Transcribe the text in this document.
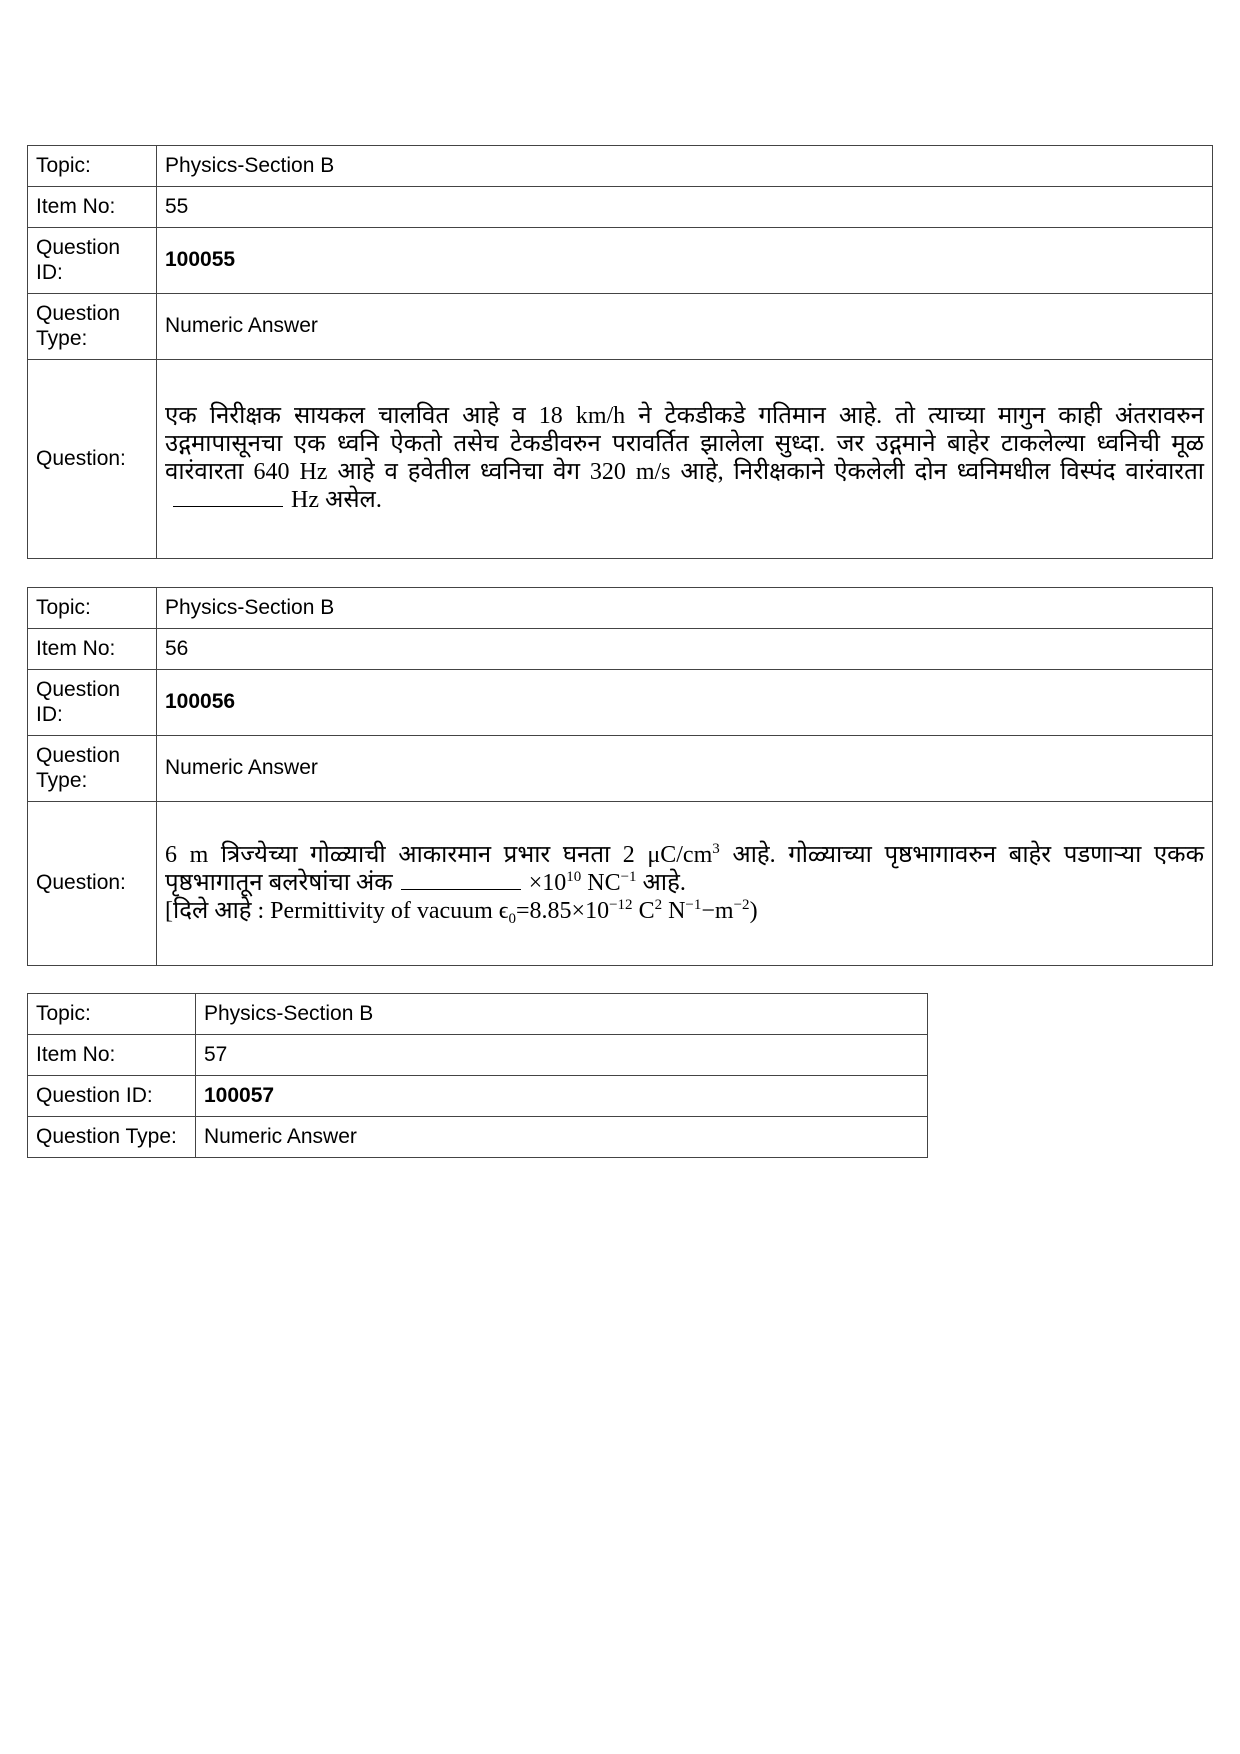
Topic:	Physics-Section B
Item No:	55
Question ID:	100055
Question Type:	Numeric Answer
Question:	एक निरीक्षक सायकल चालवित आहे व 18 km/h ने टेकडीकडे गतिमान आहे. तो त्याच्या मागुन काही अंतरावरुन उद्गमापासूनचा एक ध्वनि ऐकतो तसेच टेकडीवरुन परावर्तित झालेला सुध्दा. जर उद्गमाने बाहेर टाकलेल्या ध्वनिची मूळ वारंवारता 640 Hz आहे व हवेतील ध्वनिचा वेग 320 m/s आहे, निरीक्षकाने ऐकलेली दोन ध्वनिमधील विस्पंद वारंवारताHz असेल.

Topic:	Physics-Section B
Item No:	56
Question ID:	100056
Question Type:	Numeric Answer
Question:	6 m त्रिज्येच्या गोळ्याची आकारमान प्रभार घनता 2 $\mu C/cm^3$ आहे. गोळ्याच्या पृष्ठभागावरुन बाहेर पडणाऱ्या एकक पृष्ठभागातून बलरेषांचा अंक $\times 10^{10}$ $NC^{-1}$ आहे.

[दिले आहे : Permittivity of vacuum $\epsilon_0=8.85\times 10^{-12}$ $C^2$ $N^{-1}-m^{-2}$)

Topic:	Physics-Section B
Item No:	57
Question ID:	100057
Question Type:	Numeric Answer
